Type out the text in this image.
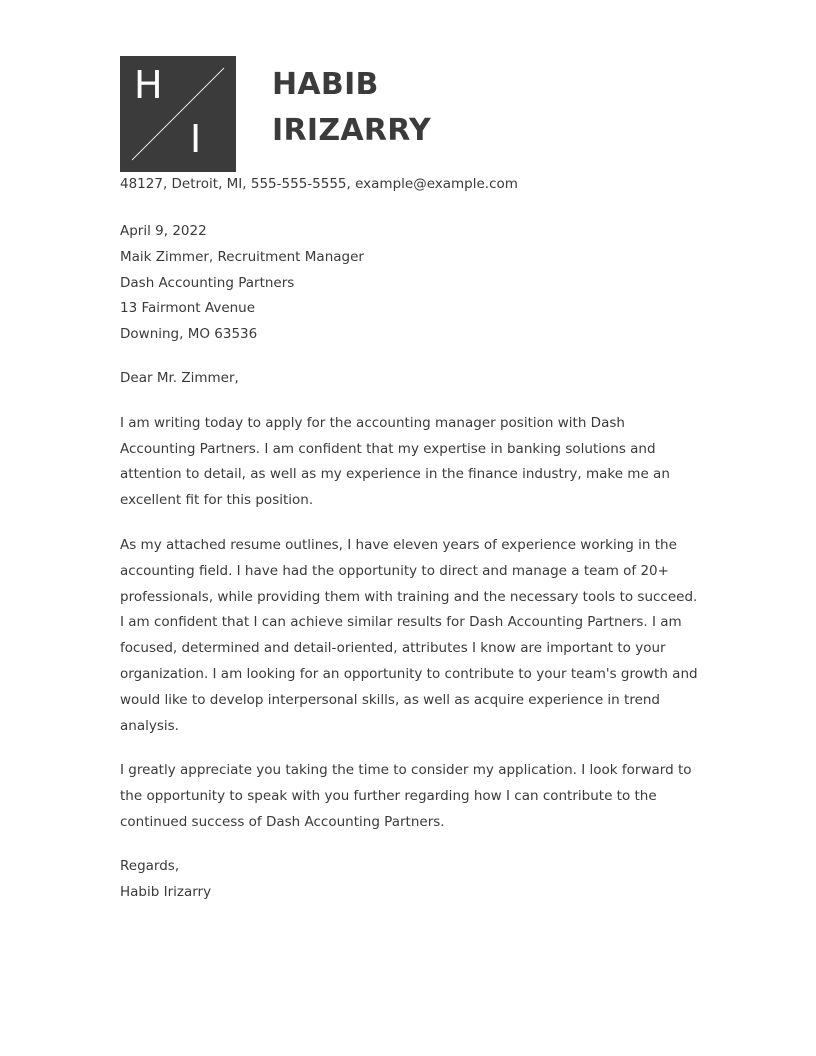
H
I
HABIB
IRIZARRY
48127, Detroit, MI, 555-555-5555, example@example.com
April 9, 2022
Maik Zimmer, Recruitment Manager
Dash Accounting Partners
13 Fairmont Avenue
Downing, MO 63536

Dear Mr. Zimmer,

I am writing today to apply for the accounting manager position with Dash Accounting Partners. I am confident that my expertise in banking solutions and attention to detail, as well as my experience in the finance industry, make me an excellent fit for this position.

As my attached resume outlines, I have eleven years of experience working in the accounting field. I have had the opportunity to direct and manage a team of 20+ professionals, while providing them with training and the necessary tools to succeed. I am confident that I can achieve similar results for Dash Accounting Partners. I am focused, determined and detail-oriented, attributes I know are important to your organization. I am looking for an opportunity to contribute to your team's growth and would like to develop interpersonal skills, as well as acquire experience in trend analysis.

I greatly appreciate you taking the time to consider my application. I look forward to the opportunity to speak with you further regarding how I can contribute to the continued success of Dash Accounting Partners.

Regards,
Habib Irizarry
